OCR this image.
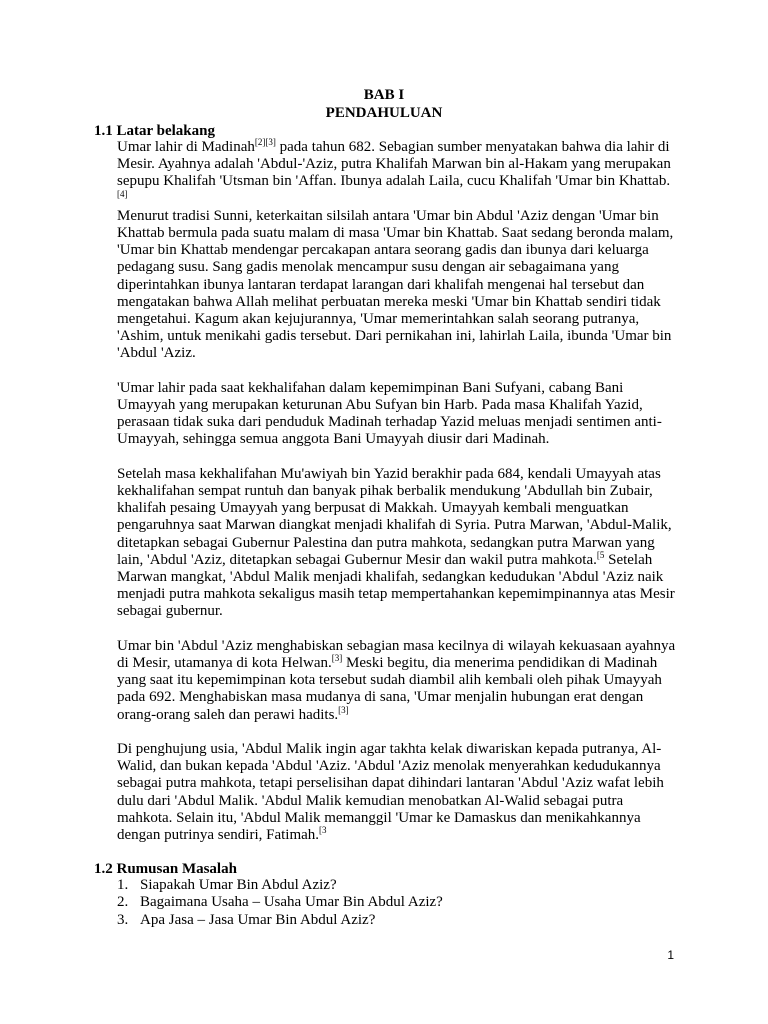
BAB I
PENDAHULUAN
1.1 Latar belakang

Umar lahir di Madinah[2][3] pada tahun 682. Sebagian sumber menyatakan bahwa dia lahir di Mesir. Ayahnya adalah 'Abdul-'Aziz, putra Khalifah Marwan bin al-Hakam yang merupakan sepupu Khalifah 'Utsman bin 'Affan. Ibunya adalah Laila, cucu Khalifah 'Umar bin Khattab.[4]

Menurut tradisi Sunni, keterkaitan silsilah antara 'Umar bin Abdul 'Aziz dengan 'Umar bin Khattab bermula pada suatu malam di masa 'Umar bin Khattab. Saat sedang beronda malam, 'Umar bin Khattab mendengar percakapan antara seorang gadis dan ibunya dari keluarga pedagang susu. Sang gadis menolak mencampur susu dengan air sebagaimana yang diperintahkan ibunya lantaran terdapat larangan dari khalifah mengenai hal tersebut dan mengatakan bahwa Allah melihat perbuatan mereka meski 'Umar bin Khattab sendiri tidak mengetahui. Kagum akan kejujurannya, 'Umar memerintahkan salah seorang putranya, 'Ashim, untuk menikahi gadis tersebut. Dari pernikahan ini, lahirlah Laila, ibunda 'Umar bin 'Abdul 'Aziz.

'Umar lahir pada saat kekhalifahan dalam kepemimpinan Bani Sufyani, cabang Bani Umayyah yang merupakan keturunan Abu Sufyan bin Harb. Pada masa Khalifah Yazid, perasaan tidak suka dari penduduk Madinah terhadap Yazid meluas menjadi sentimen anti-Umayyah, sehingga semua anggota Bani Umayyah diusir dari Madinah.

Setelah masa kekhalifahan Mu'awiyah bin Yazid berakhir pada 684, kendali Umayyah atas kekhalifahan sempat runtuh dan banyak pihak berbalik mendukung 'Abdullah bin Zubair, khalifah pesaing Umayyah yang berpusat di Makkah. Umayyah kembali menguatkan pengaruhnya saat Marwan diangkat menjadi khalifah di Syria. Putra Marwan, 'Abdul-Malik, ditetapkan sebagai Gubernur Palestina dan putra mahkota, sedangkan putra Marwan yang lain, 'Abdul 'Aziz, ditetapkan sebagai Gubernur Mesir dan wakil putra mahkota.$^{[5}$ Setelah Marwan mangkat, 'Abdul Malik menjadi khalifah, sedangkan kedudukan 'Abdul 'Aziz naik menjadi putra mahkota sekaligus masih tetap mempertahankan kepemimpinannya atas Mesir sebagai gubernur.

Umar bin 'Abdul 'Aziz menghabiskan sebagian masa kecilnya di wilayah kekuasaan ayahnya di Mesir, utamanya di kota Helwan.[3] Meski begitu, dia menerima pendidikan di Madinah yang saat itu kepemimpinan kota tersebut sudah diambil alih kembali oleh pihak Umayyah pada 692. Menghabiskan masa mudanya di sana, 'Umar menjalin hubungan erat dengan orang-orang saleh dan perawi hadits.[3]

Di penghujung usia, 'Abdul Malik ingin agar takhta kelak diwariskan kepada putranya, Al-Walid, dan bukan kepada 'Abdul 'Aziz. 'Abdul 'Aziz menolak menyerahkan kedudukannya sebagai putra mahkota, tetapi perselisihan dapat dihindari lantaran 'Abdul 'Aziz wafat lebih dulu dari 'Abdul Malik. 'Abdul Malik kemudian menobatkan Al-Walid sebagai putra mahkota. Selain itu, 'Abdul Malik memanggil 'Umar ke Damaskus dan menikahkannya dengan putrinya sendiri, Fatimah.$^{[3}$

1.2 Rumusan Masalah
1. Siapakah Umar Bin Abdul Aziz?
2. Bagaimana Usaha – Usaha Umar Bin Abdul Aziz?
3. Apa Jasa – Jasa Umar Bin Abdul Aziz?
1
